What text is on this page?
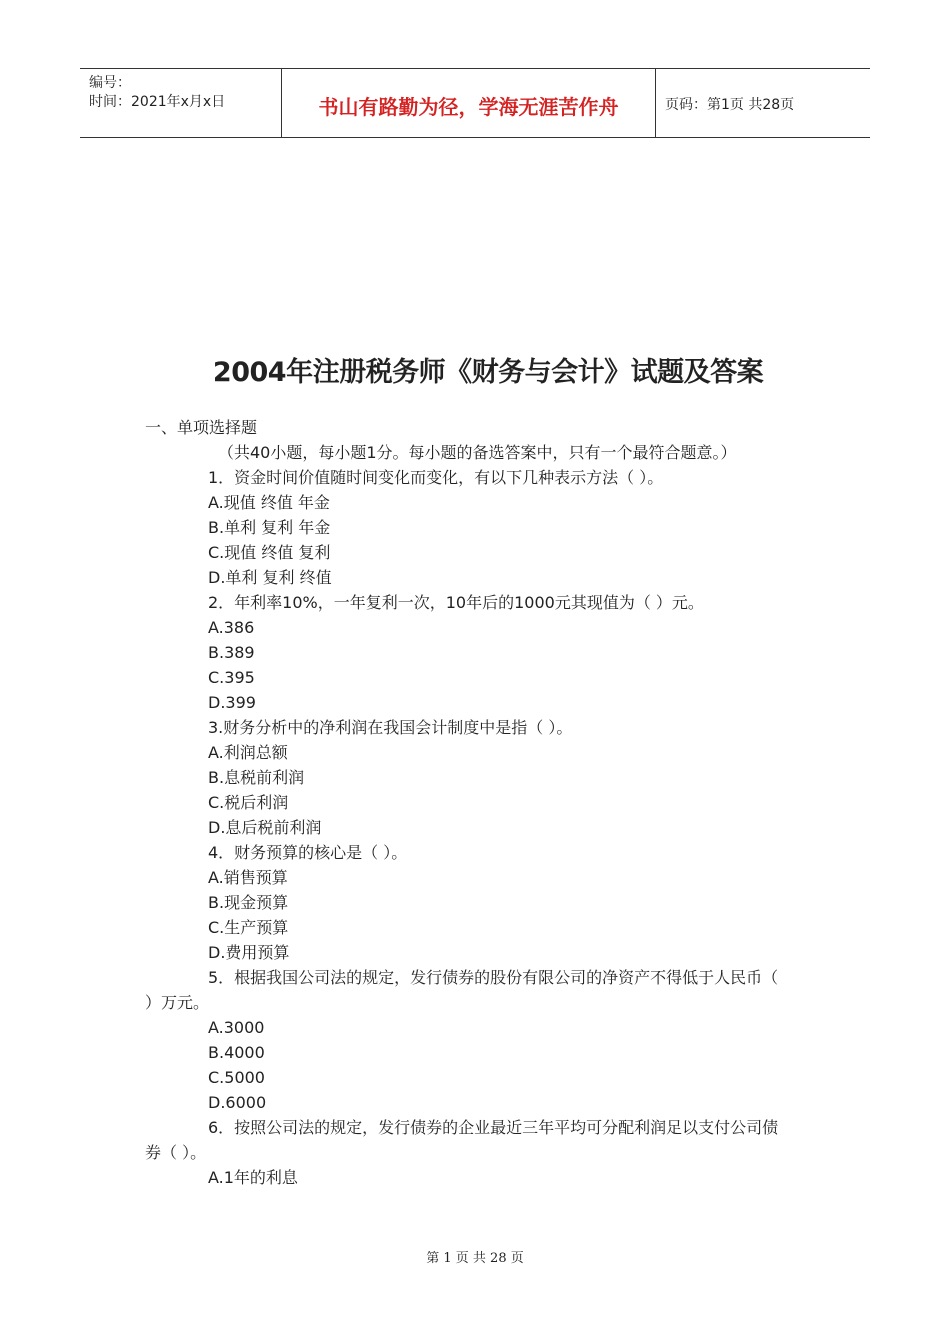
编号：
时间：2021年x月x日	书山有路勤为径，学海无涯苦作舟	页码：第1页 共28页
2004年注册税务师《财务与会计》试题及答案
一、单项选择题
（共40小题，每小题1分。每小题的备选答案中，只有一个最符合题意。）
1．资金时间价值随时间变化而变化，有以下几种表示方法（ ）。
A.现值 终值 年金
B.单利 复利 年金
C.现值 终值 复利
D.单利 复利 终值
2．年利率10%，一年复利一次，10年后的1000元其现值为（ ）元。
A.386
B.389
C.395
D.399
3.财务分析中的净利润在我国会计制度中是指（ ）。
A.利润总额
B.息税前利润
C.税后利润
D.息后税前利润
4．财务预算的核心是（ ）。
A.销售预算
B.现金预算
C.生产预算
D.费用预算
5．根据我国公司法的规定，发行债券的股份有限公司的净资产不得低于人民币（
）万元。
A.3000
B.4000
C.5000
D.6000
6．按照公司法的规定，发行债券的企业最近三年平均可分配利润足以支付公司债
券（ ）。
A.1年的利息
第 1 页 共 28 页
